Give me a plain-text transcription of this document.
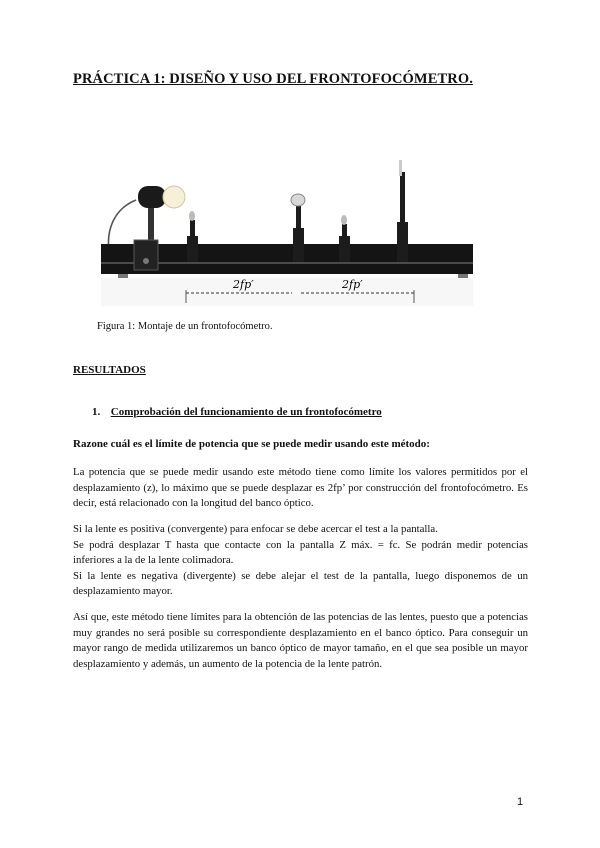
PRÁCTICA 1: DISEÑO Y USO DEL FRONTOFOCÓMETRO.
2fp′	2fp′
Figura 1: Montaje de un frontofocómetro.
RESULTADOS
1. Comprobación del funcionamiento de un frontofocómetro
Razone cuál es el límite de potencia que se puede medir usando este método:

La potencia que se puede medir usando este método tiene como límite los valores permitidos por el desplazamiento (z), lo máximo que se puede desplazar es 2fp’ por construcción del frontofocómetro. Es decir, está relacionado con la longitud del banco óptico.

Si la lente es positiva (convergente) para enfocar se debe acercar el test a la pantalla.
Se podrá desplazar T hasta que contacte con la pantalla Z máx. = fc. Se podrán medir potencias inferiores a la de la lente colimadora.
Si la lente es negativa (divergente) se debe alejar el test de la pantalla, luego disponemos de un desplazamiento mayor.

Así que, este método tiene límites para la obtención de las potencias de las lentes, puesto que a potencias muy grandes no será posible su correspondiente desplazamiento en el banco óptico. Para conseguir un mayor rango de medida utilizaremos un banco óptico de mayor tamaño, en el que sea posible un mayor desplazamiento y además, un aumento de la potencia de la lente patrón.

1
